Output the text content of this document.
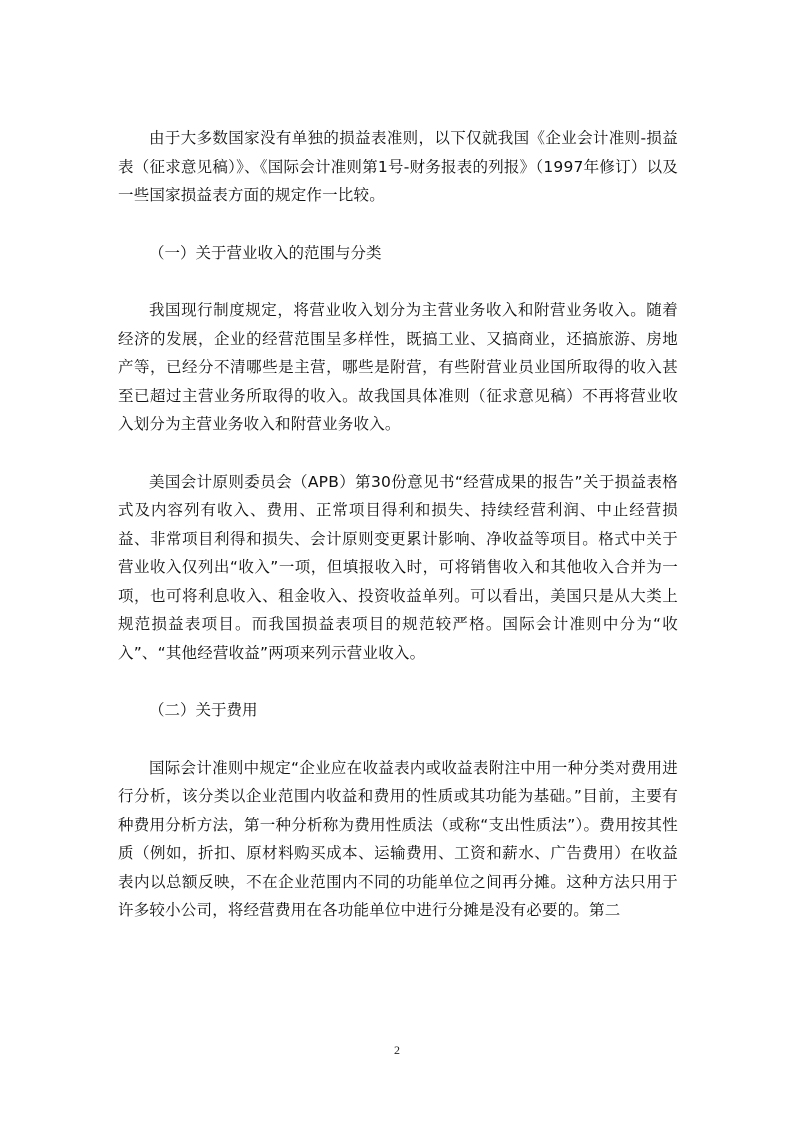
由于大多数国家没有单独的损益表准则，以下仅就我国《企业会计准则-损益表（征求意见稿）》、《国际会计准则第1号-财务报表的列报》（1997年修订）以及一些国家损益表方面的规定作一比较。

（一）关于营业收入的范围与分类

我国现行制度规定，将营业收入划分为主营业务收入和附营业务收入。随着经济的发展，企业的经营范围呈多样性，既搞工业、又搞商业，还搞旅游、房地产等，已经分不清哪些是主营，哪些是附营，有些附营业员业国所取得的收入甚至已超过主营业务所取得的收入。故我国具体准则（征求意见稿）不再将营业收入划分为主营业务收入和附营业务收入。

美国会计原则委员会（APB）第30份意见书“经营成果的报告”关于损益表格式及内容列有收入、费用、正常项目得利和损失、持续经营利润、中止经营损益、非常项目利得和损失、会计原则变更累计影响、净收益等项目。格式中关于营业收入仅列出“收入”一项，但填报收入时，可将销售收入和其他收入合并为一项，也可将利息收入、租金收入、投资收益单列。可以看出，美国只是从大类上规范损益表项目。而我国损益表项目的规范较严格。国际会计准则中分为“收入”、“其他经营收益”两项来列示营业收入。

（二）关于费用

国际会计准则中规定“企业应在收益表内或收益表附注中用一种分类对费用进行分析，该分类以企业范围内收益和费用的性质或其功能为基础。”目前，主要有种费用分析方法，第一种分析称为费用性质法（或称“支出性质法”）。费用按其性质（例如，折扣、原材料购买成本、运输费用、工资和薪水、广告费用）在收益表内以总额反映，不在企业范围内不同的功能单位之间再分摊。这种方法只用于许多较小公司，将经营费用在各功能单位中进行分摊是没有必要的。第二

2
